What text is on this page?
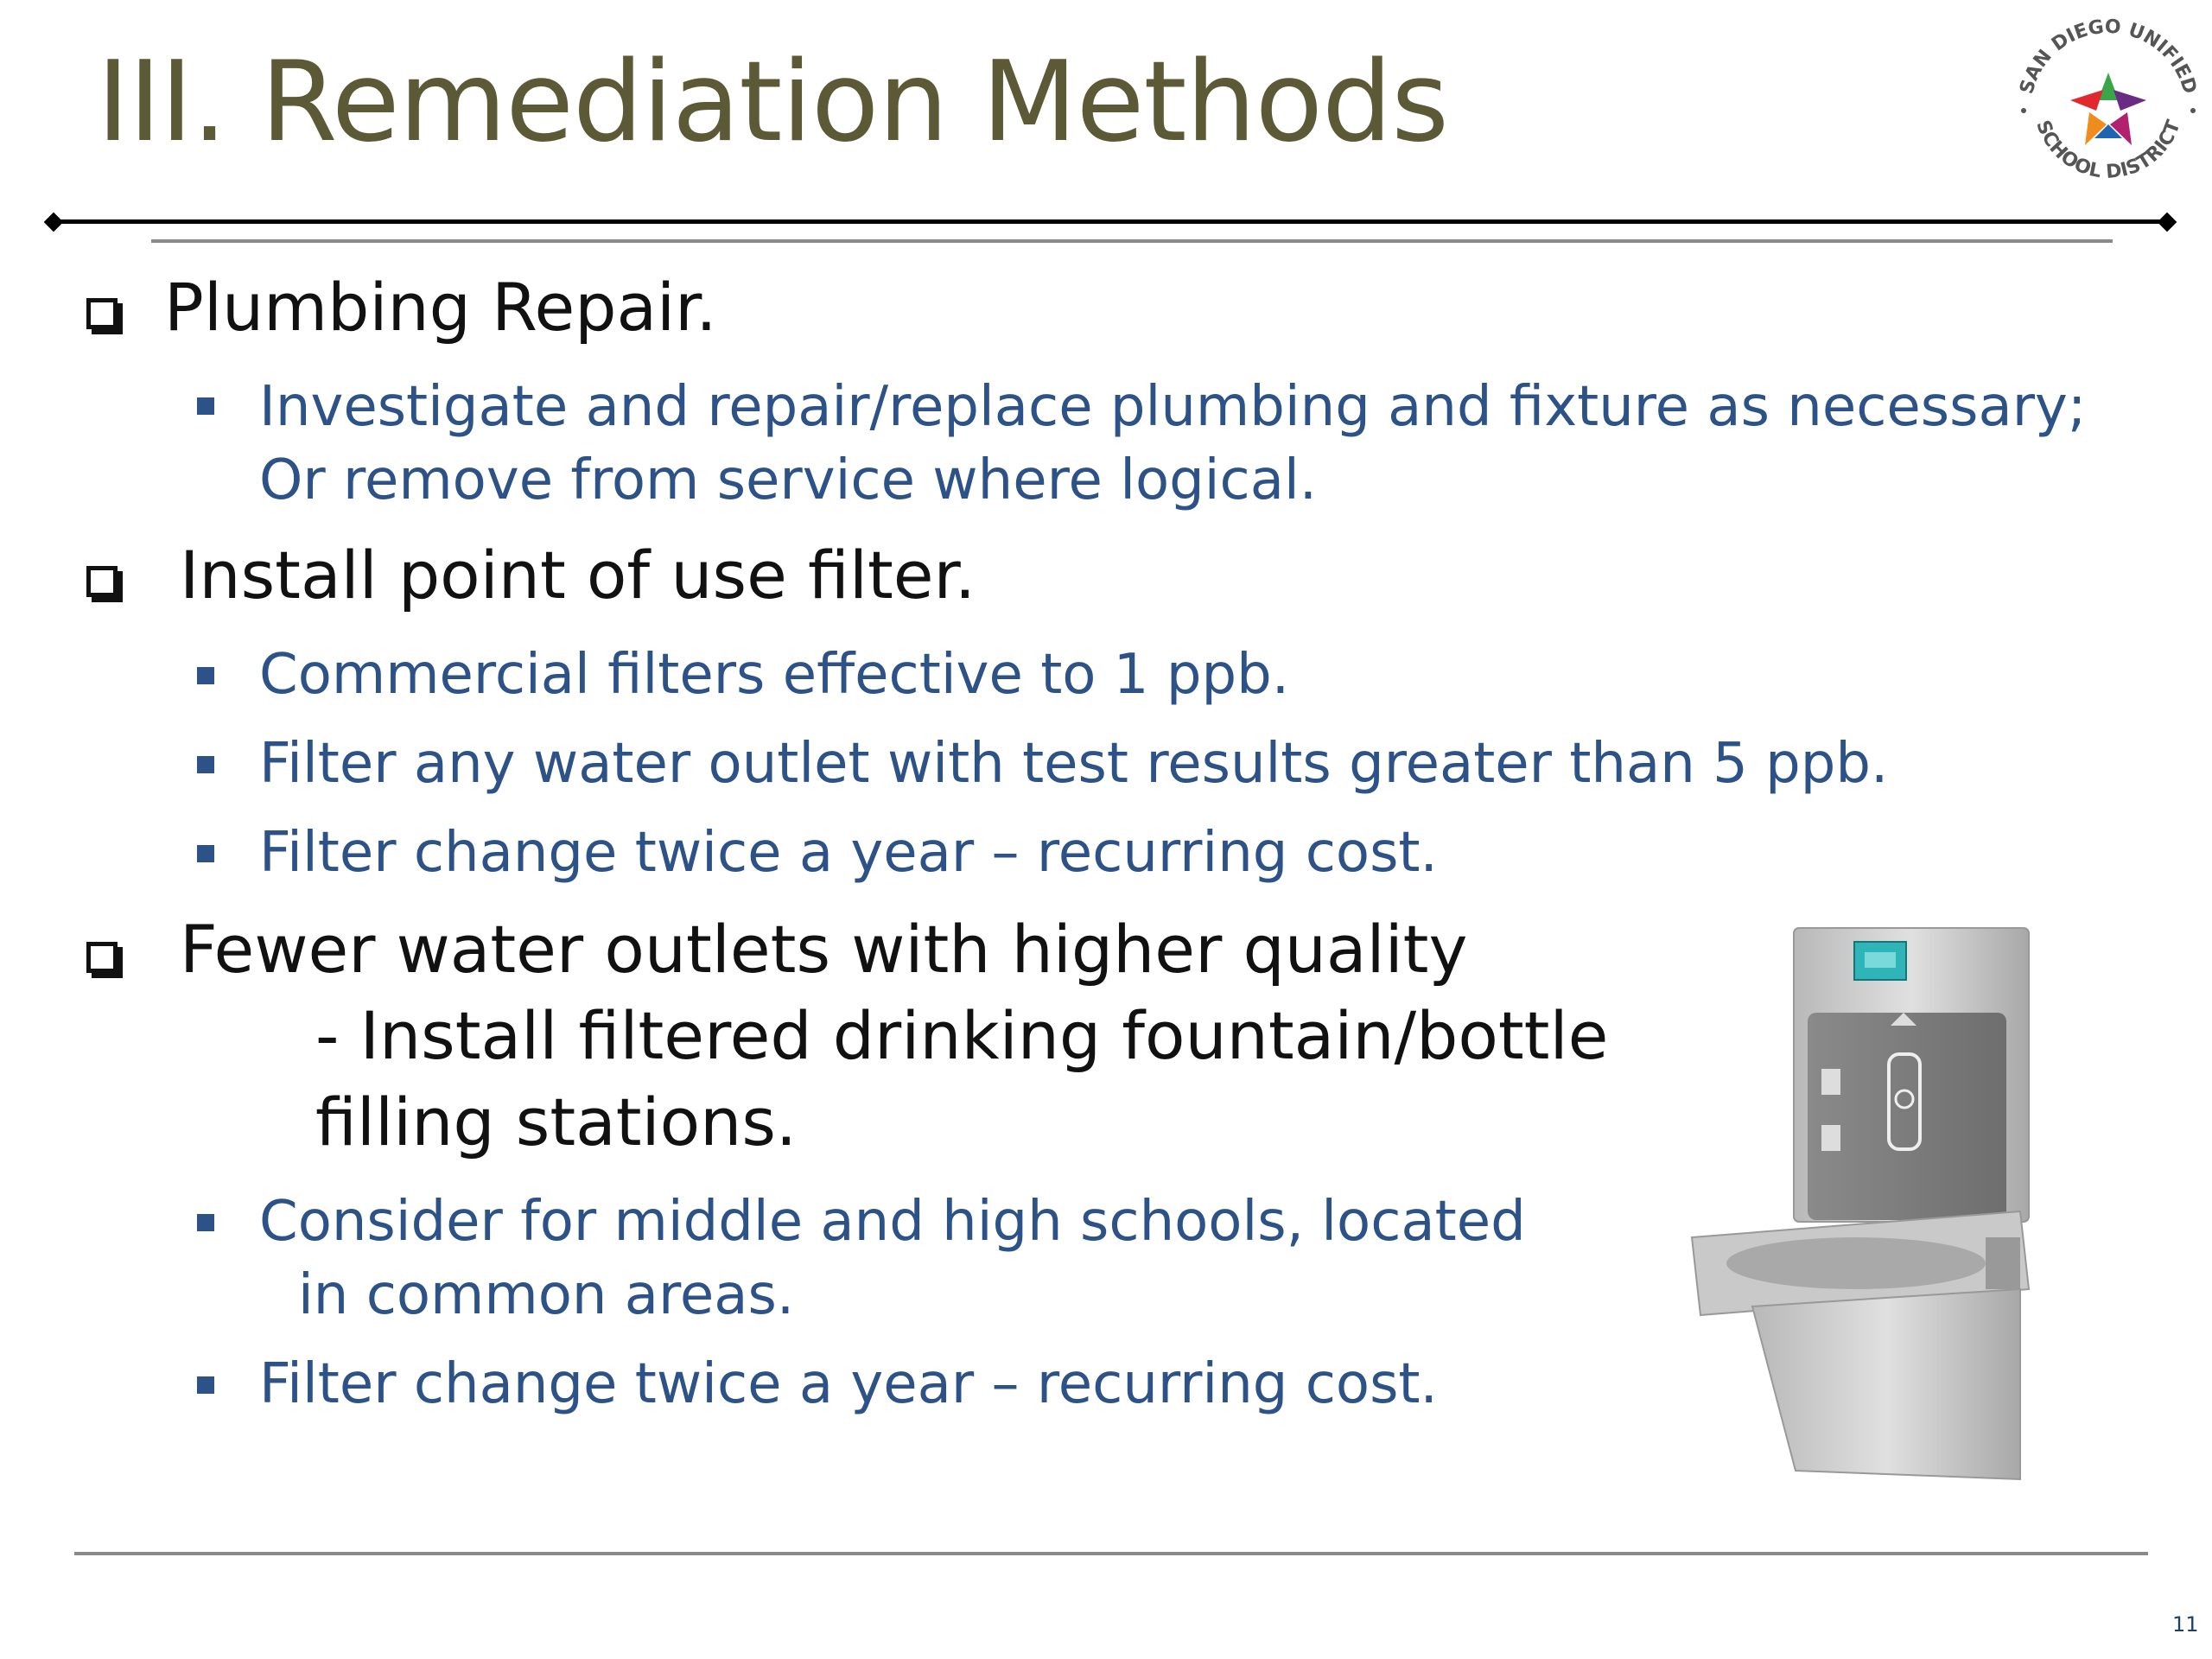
III. Remediation Methods	SAN DIEGO UNIFIED
SCHOOL DISTRICT
Plumbing Repair.
Investigate and repair/replace plumbing and fixture as necessary;
Or remove from service where logical.
Install point of use filter.
Commercial filters effective to 1 ppb.
Filter any water outlet with test results greater than 5 ppb.
Filter change twice a year – recurring cost.
Fewer water outlets with higher quality
- Install filtered drinking fountain/bottle
filling stations.
Consider for middle and high schools, located
in common areas.
Filter change twice a year – recurring cost.
11
